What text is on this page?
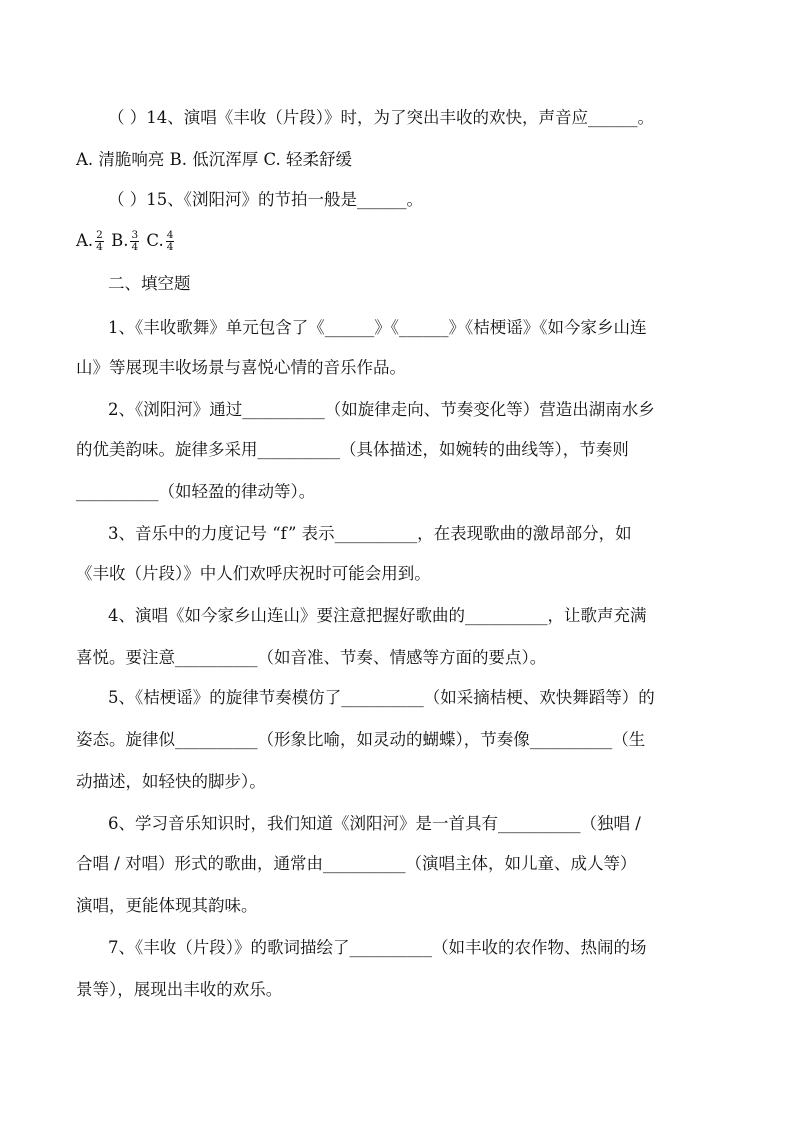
（ ）14、演唱《丰收（片段）》时，为了突出丰收的欢快，声音应______。
A. 清脆响亮 B. 低沉浑厚 C. 轻柔舒缓
（ ）15、《浏阳河》的节拍一般是______。
A. $\frac{2}{4} B$. $\frac{3}{4} C$. $\frac{4}{4}$
二、填空题
1、《丰收歌舞》单元包含了《______》《______》《桔梗谣》《如今家乡山连
山》等展现丰收场景与喜悦心情的音乐作品。
2、《浏阳河》通过__________（如旋律走向、节奏变化等）营造出湖南水乡
的优美韵味。旋律多采用__________（具体描述，如婉转的曲线等），节奏则
__________（如轻盈的律动等）。
3、音乐中的力度记号 “f” 表示__________，在表现歌曲的激昂部分，如
《丰收（片段）》中人们欢呼庆祝时可能会用到。
4、演唱《如今家乡山连山》要注意把握好歌曲的__________，让歌声充满
喜悦。要注意__________（如音准、节奏、情感等方面的要点）。
5、《桔梗谣》的旋律节奏模仿了__________（如采摘桔梗、欢快舞蹈等）的
姿态。旋律似__________（形象比喻，如灵动的蝴蝶），节奏像__________（生
动描述，如轻快的脚步）。
6、学习音乐知识时，我们知道《浏阳河》是一首具有__________（独唱 /
合唱 / 对唱）形式的歌曲，通常由__________（演唱主体，如儿童、成人等）
演唱，更能体现其韵味。
7、《丰收（片段）》的歌词描绘了__________（如丰收的农作物、热闹的场
景等），展现出丰收的欢乐。
